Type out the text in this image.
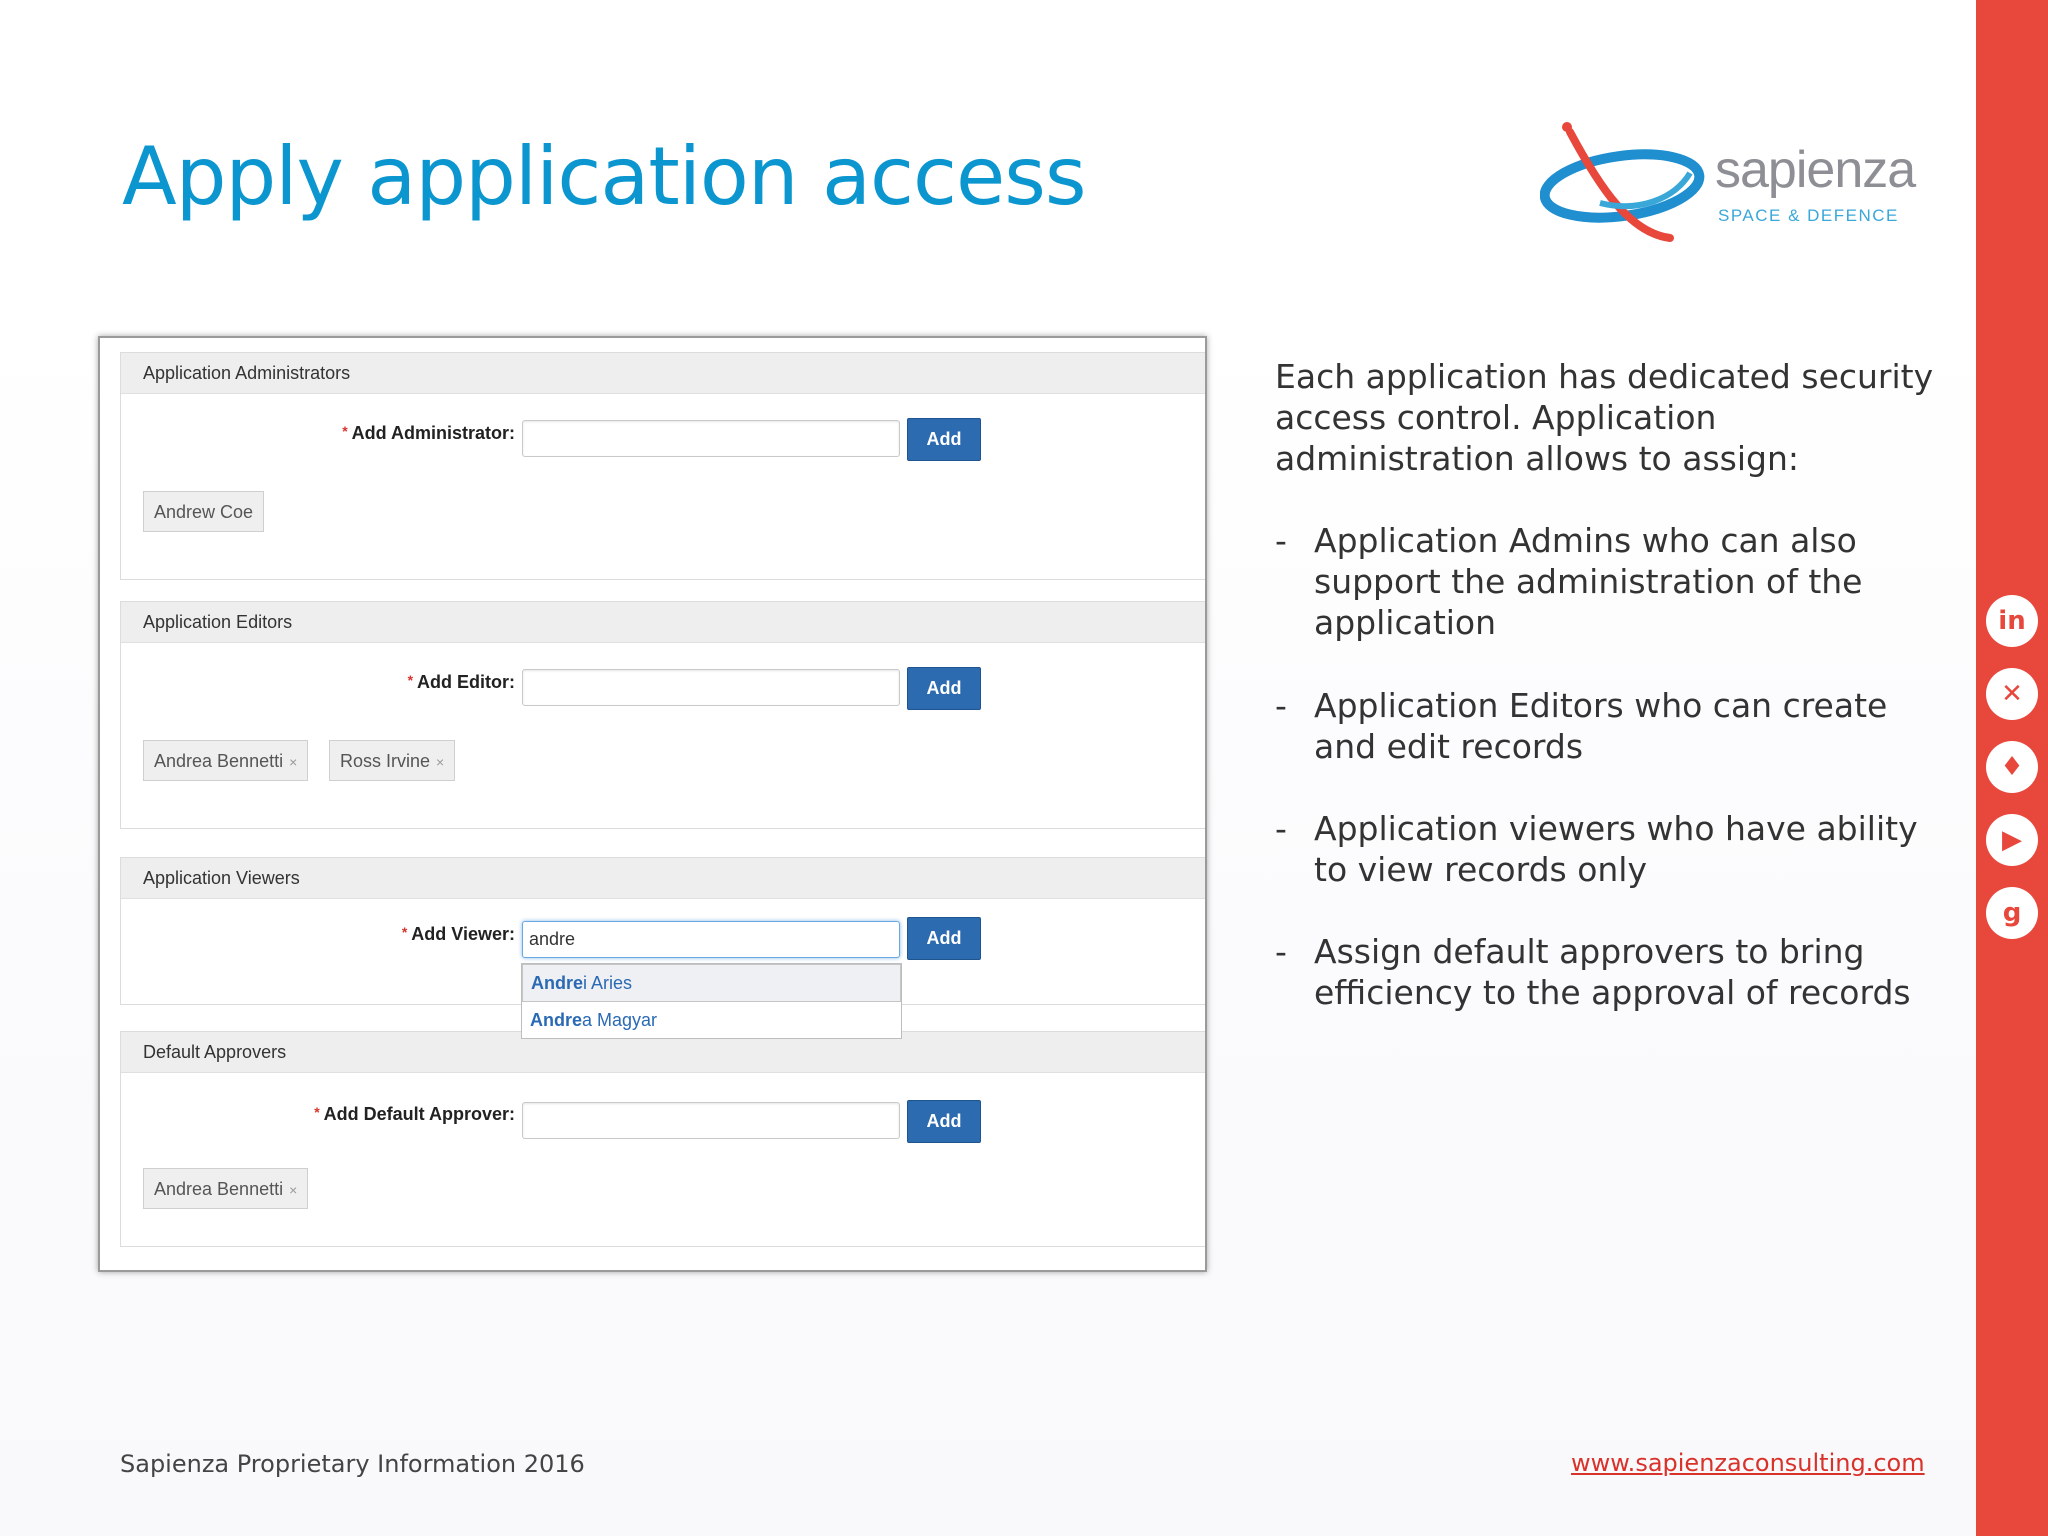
Apply application access	sapienza
SPACE & DEFENCE
in
✕
♦
▶
g
Application Administrators
* Add Administrator:	Add
Andrew Coe
Application Editors
* Add Editor:	Add
Andrea Bennetti ×	Ross Irvine ×
Application Viewers
* Add Viewer:
andre	Add
Default Approvers
* Add Default Approver:	Add
Andrea Bennetti ×
Andrei Aries
Andrea Magyar
Each application has dedicated security access control. Application administration allows to assign:
- Application Admins who can also support the administration of the application
- Application Editors who can create and edit records
- Application viewers who have ability to view records only
- Assign default approvers to bring efficiency to the approval of records
Sapienza Proprietary Information 2016	www.sapienzaconsulting.com
